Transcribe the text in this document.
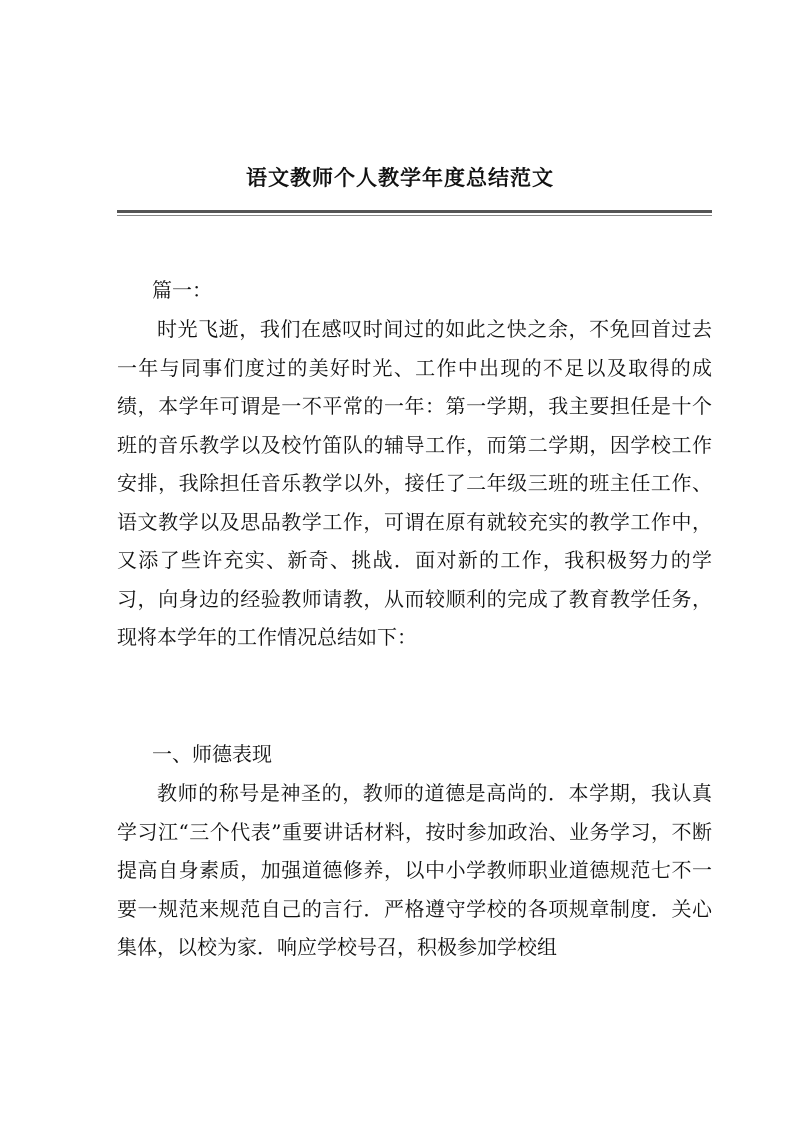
语文教师个人教学年度总结范文
篇一：

时光飞逝，我们在感叹时间过的如此之快之余，不免回首过去一年与同事们度过的美好时光、工作中出现的不足以及取得的成绩，本学年可谓是一不平常的一年：第一学期，我主要担任是十个班的音乐教学以及校竹笛队的辅导工作，而第二学期，因学校工作安排，我除担任音乐教学以外，接任了二年级三班的班主任工作、语文教学以及思品教学工作，可谓在原有就较充实的教学工作中，又添了些许充实、新奇、挑战．面对新的工作，我积极努力的学习，向身边的经验教师请教，从而较顺利的完成了教育教学任务，现将本学年的工作情况总结如下：

一、师德表现

教师的称号是神圣的，教师的道德是高尚的．本学期，我认真学习江“三个代表”重要讲话材料，按时参加政治、业务学习，不断提高自身素质，加强道德修养，以中小学教师职业道德规范七不一要一规范来规范自己的言行．严格遵守学校的各项规章制度．关心集体，以校为家．响应学校号召，积极参加学校组
